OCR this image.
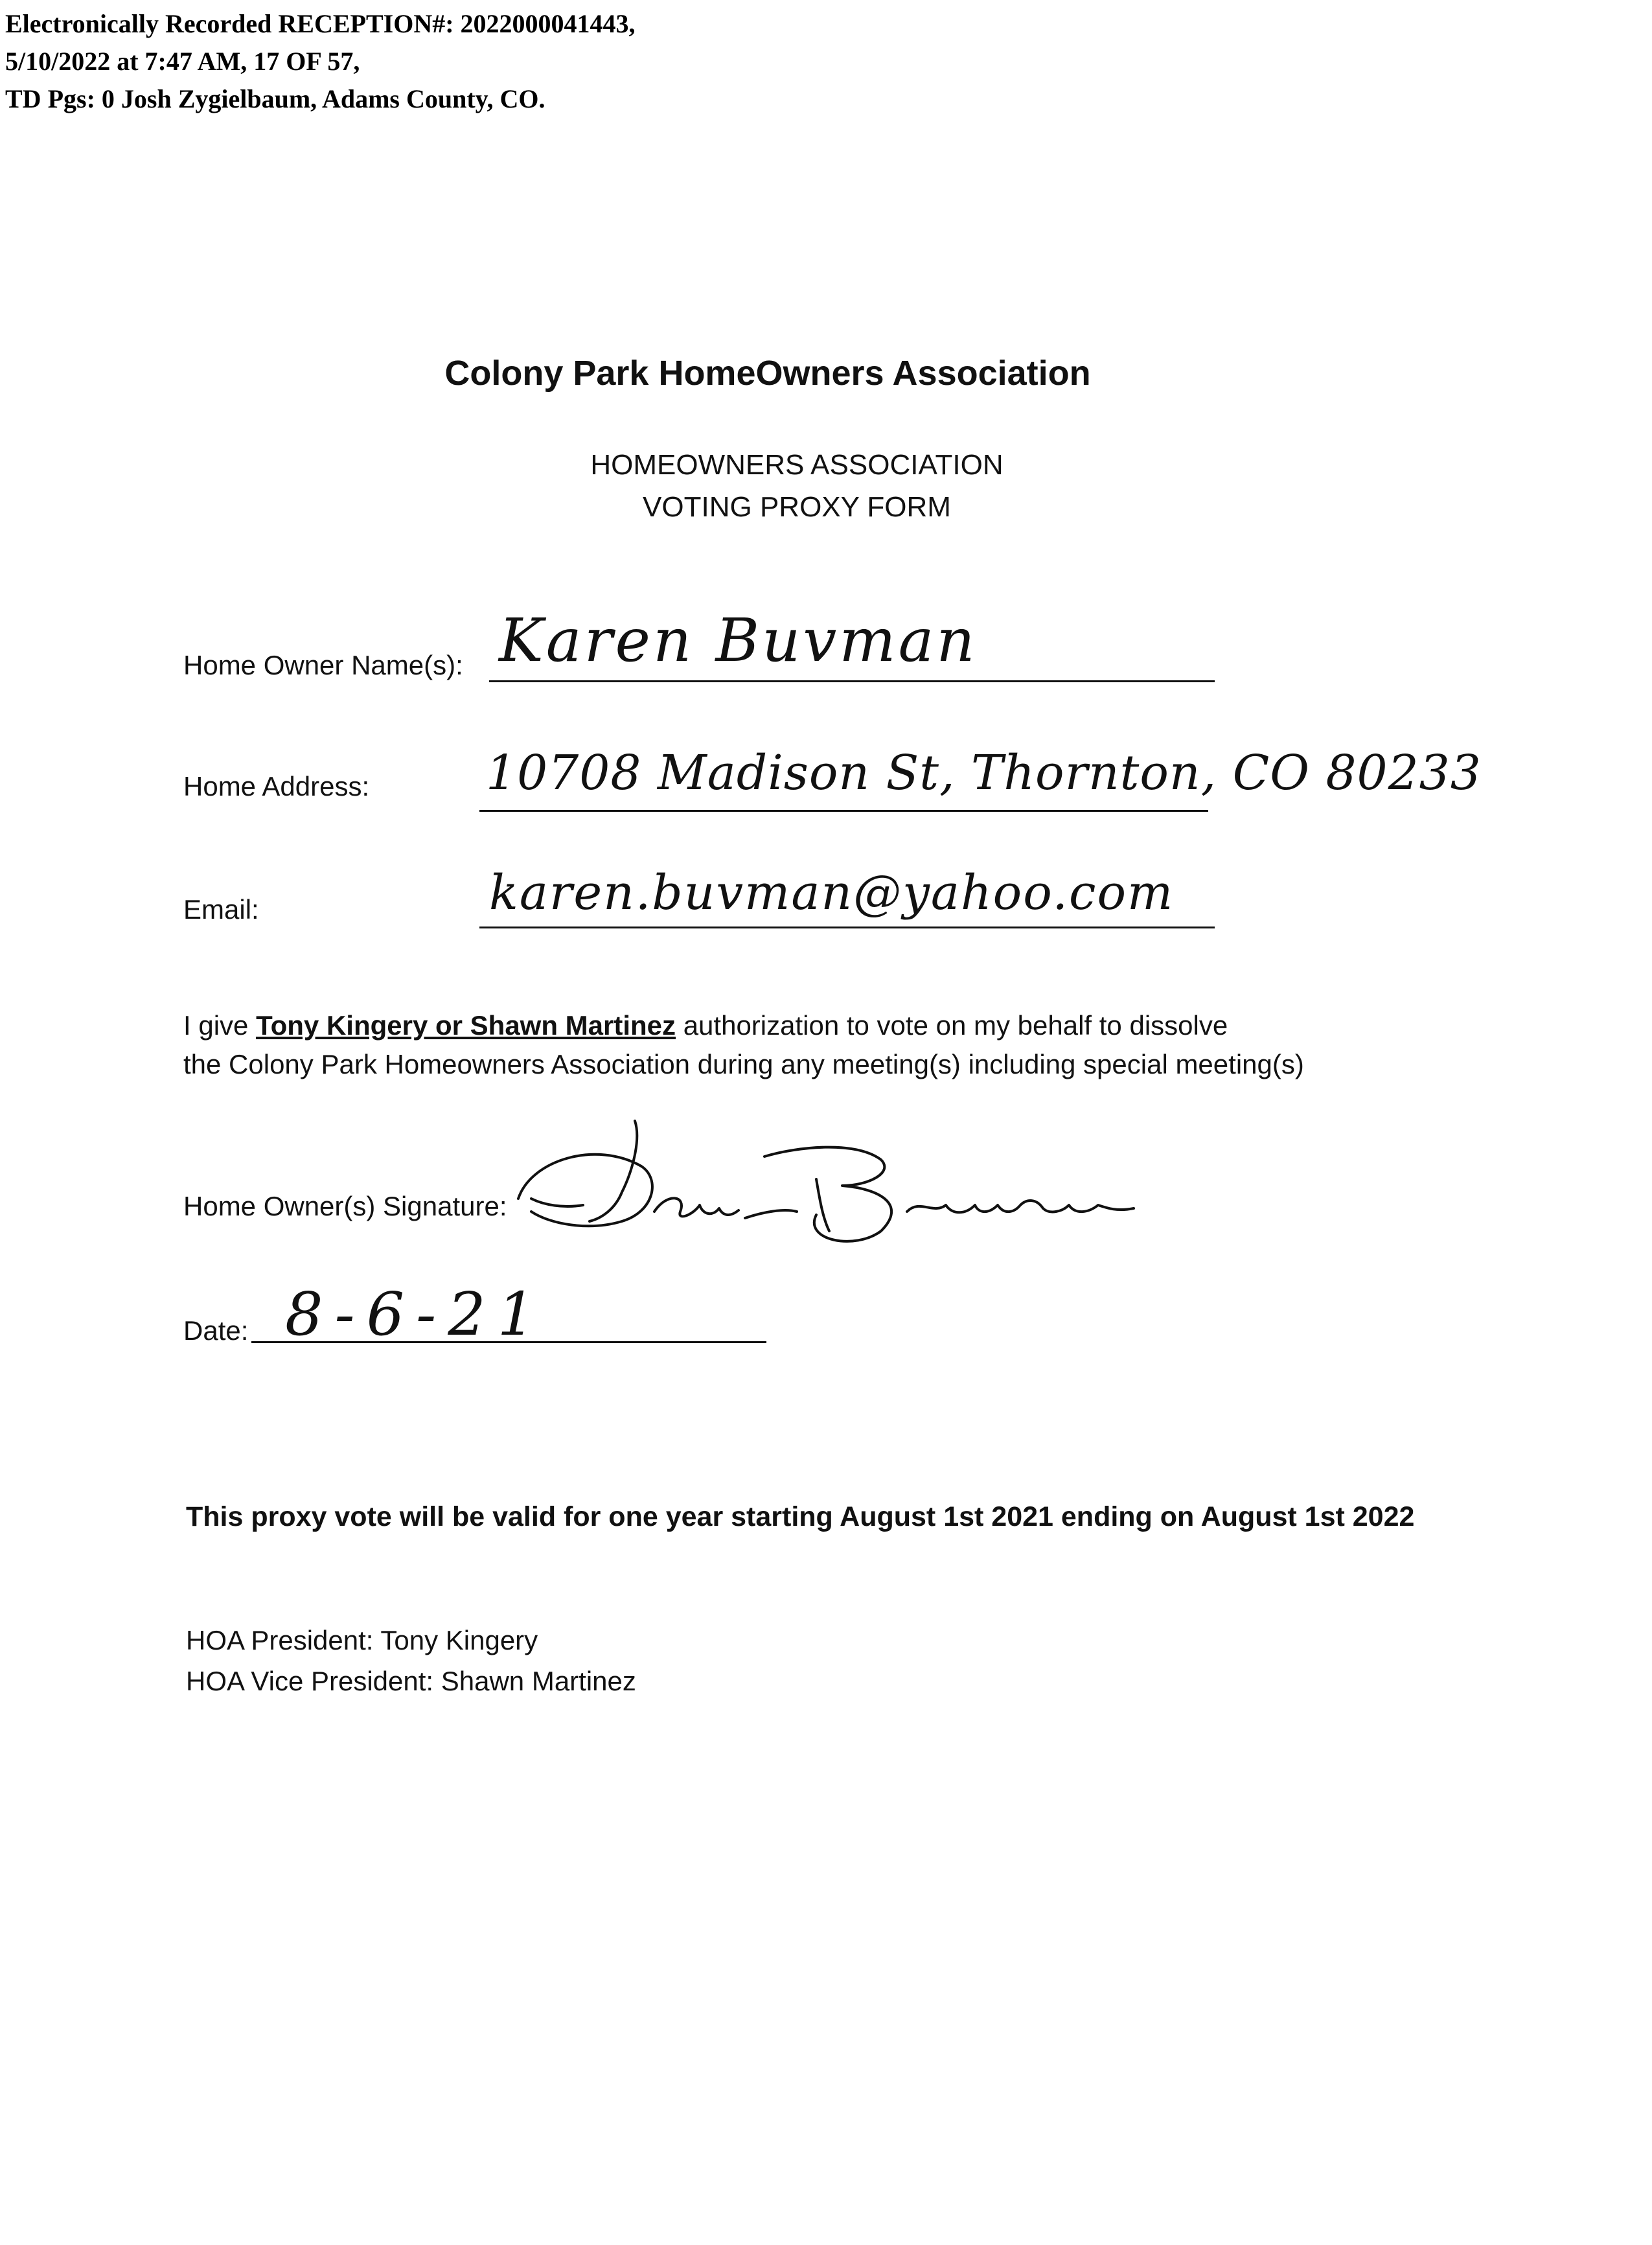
Electronically Recorded RECEPTION#: 2022000041443,
5/10/2022 at 7:47 AM, 17 OF 57,
TD Pgs: 0 Josh Zygielbaum, Adams County, CO.
Colony Park HomeOwners Association
HOMEOWNERS ASSOCIATION
VOTING PROXY FORM
Home Owner Name(s): Karen Buvman
Home Address: 10708 Madison St, Thornton, CO 80233
Email:	karen.buvman@yahoo.com
I give Tony Kingery or Shawn Martinez authorization to vote on my behalf to dissolve
the Colony Park Homeowners Association during any meeting(s) including special meeting(s)
Home Owner(s) Signature:
Date: 8-6-21
This proxy vote will be valid for one year starting August 1st 2021 ending on August 1st 2022
HOA President: Tony Kingery
HOA Vice President: Shawn Martinez
